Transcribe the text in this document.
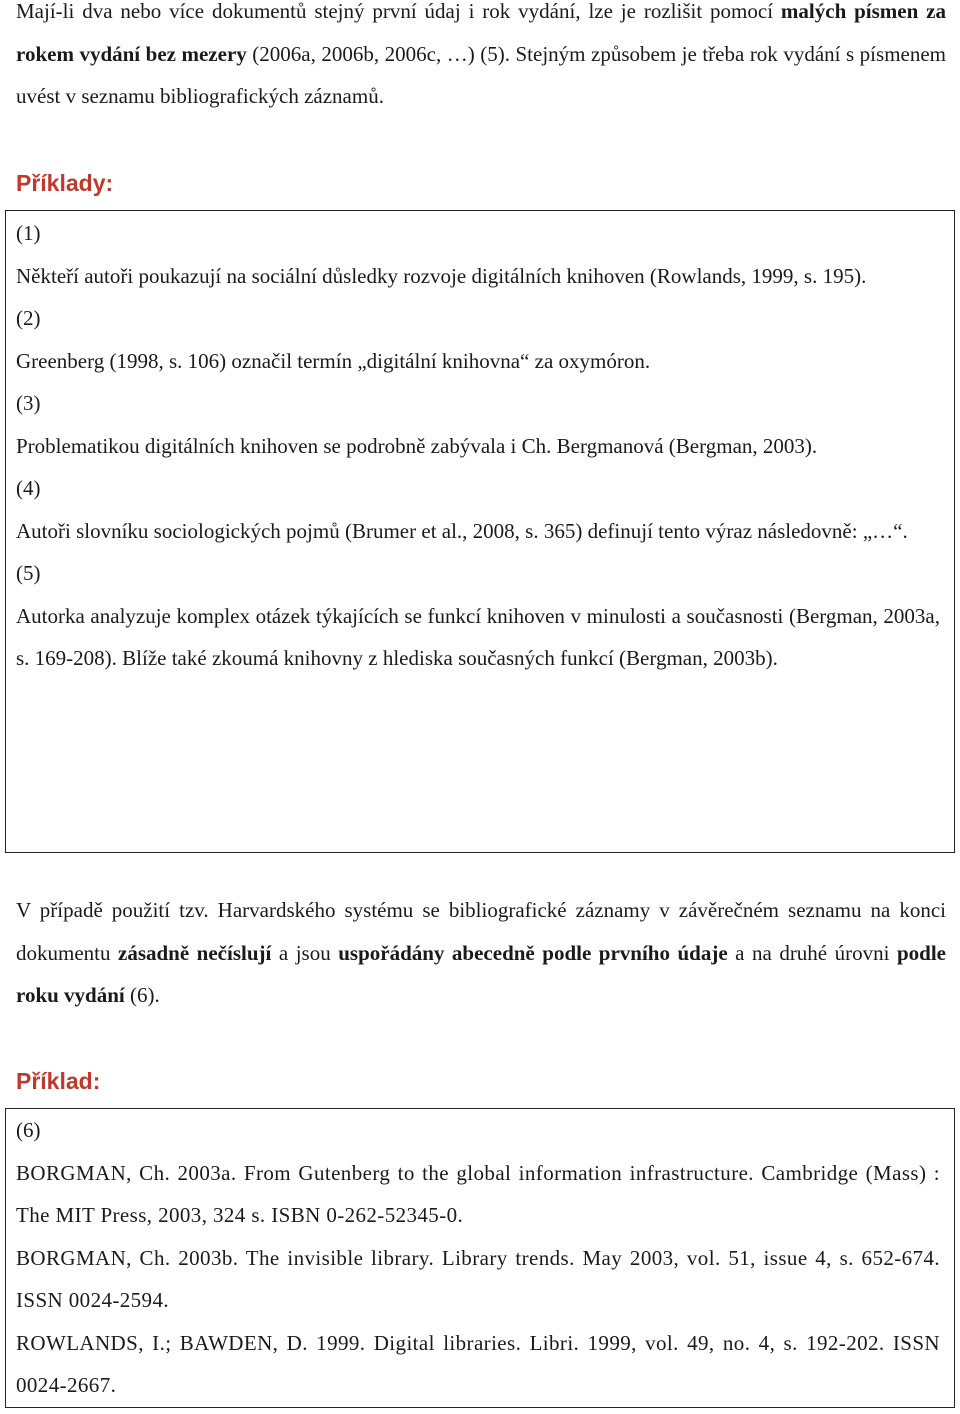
Mají-li dva nebo více dokumentů stejný první údaj i rok vydání, lze je rozlišit pomocí malých písmen za rokem vydání bez mezery (2006a, 2006b, 2006c, …) (5). Stejným způsobem je třeba rok vydání s písmenem uvést v seznamu bibliografických záznamů.

Příklady:
(1)
Někteří autoři poukazují na sociální důsledky rozvoje digitálních knihoven (Rowlands, 1999, s. 195).
(2)
Greenberg (1998, s. 106) označil termín „digitální knihovna“ za oxymóron.
(3)
Problematikou digitálních knihoven se podrobně zabývala i Ch. Bergmanová (Bergman, 2003).
(4)
Autoři slovníku sociologických pojmů (Brumer et al., 2008, s. 365) definují tento výraz následovně: „…“.
(5)
Autorka analyzuje komplex otázek týkajících se funkcí knihoven v minulosti a současnosti (Bergman, 2003a, s. 169-208). Blíže také zkoumá knihovny z hlediska současných funkcí (Bergman, 2003b).

V případě použití tzv. Harvardského systému se bibliografické záznamy v závěrečném seznamu na konci dokumentu zásadně nečíslují a jsou uspořádány abecedně podle prvního údaje a na druhé úrovni podle roku vydání (6).

Příklad:
(6)
BORGMAN, Ch. 2003a. From Gutenberg to the global information infrastructure. Cambridge (Mass) : The MIT Press, 2003, 324 s. ISBN 0-262-52345-0.
BORGMAN, Ch. 2003b. The invisible library. Library trends. May 2003, vol. 51, issue 4, s. 652-674. ISSN 0024-2594.
ROWLANDS, I.; BAWDEN, D. 1999. Digital libraries. Libri. 1999, vol. 49, no. 4, s. 192-202. ISSN 0024-2667.
